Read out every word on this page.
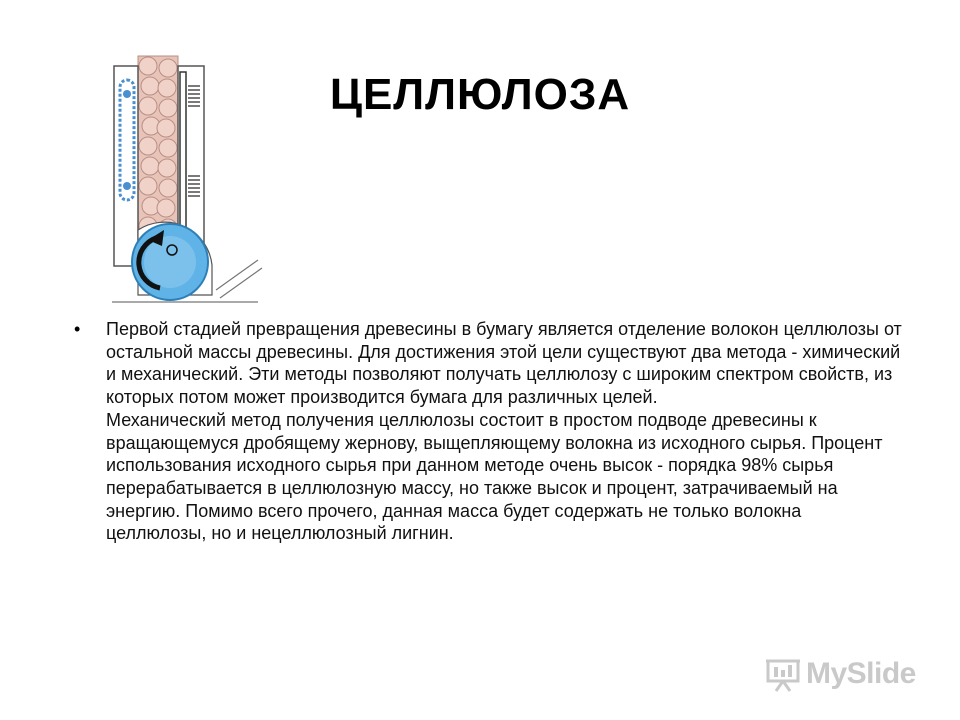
ЦЕЛЛЮЛОЗА
• Первой стадией превращения древесины в бумагу является отделение волокон целлюлозы от остальной массы древесины. Для достижения этой цели существуют два метода - химический и механический. Эти методы позволяют получать целлюлозу с широким спектром свойств, из которых потом может производится бумага для различных целей.
Механический метод получения целлюлозы состоит в простом подводе древесины к вращающемуся дробящему жернову, выщепляющему волокна из исходного сырья. Процент использования исходного сырья при данном методе очень высок - порядка 98% сырья перерабатывается в целлюлозную массу, но также высок и процент, затрачиваемый на энергию. Помимо всего прочего, данная масса будет содержать не только волокна целлюлозы, но и нецеллюлозный лигнин.
MySlide
